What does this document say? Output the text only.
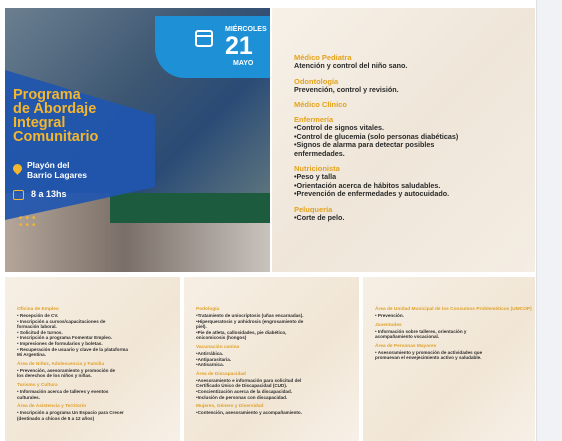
MIÉRCOLES
21
MAYO
Programa
de Abordaje
Integral
Comunitario
Playón del
Barrio Lagares
8 a 13hs
••• •••
Médico Pediatra

Atención y control del niño sano.

Odontología

Prevención, control y revisión.

Médico Clínico
Enfermería

•Control de signos vitales.

•Control de glucemia (solo personas diabéticas)

•Signos de alarma para detectar posibles

enfermedades.

Nutricionista

•Peso y talla

•Orientación acerca de hábitos saludables.

•Prevención de enfermedades y autocuidado.

Peluquería

•Corte de pelo.

Oficina de Empleo

• Recepción de CV.

• Inscripción a cursos/capacitaciones de

formación laboral.

• Solicitud de turnos.

• Inscripción a programa Fomentar Empleo.

• Impresiones de formularios y boletas.

• Recuperación de usuario y clave de la plataforma

Mi Argentina.

Área de Niñez, Adolescencia y Familia

• Prevención, asesoramiento y promoción de

los derechos de los niños y niñas.

Turismo y Cultura

• Información acerca de talleres y eventos

culturales.

Área de Asistencia y Territorio

• Inscripción a programa Un Espacio para Crecer

(destinado a chicos de 5 a 12 años)

Podología

•Tratamiento de uniocriptosis (uñas encarnadas).

•Hiperqueratosis y anhidrosis (engrosamiento de

piel).

•Pie de atleta, callosidades, pie diabético,

onicomicosis (hongos)

Vacunación canina

•Antirrábica.

•Antiparasitaria.

•Antisarnica.

Área de Discapacidad

•Asesoramiento e información para solicitud del

Certificado Único de Discapacidad (CUD).

•Concientización acerca de la discapacidad.

•Inclusión de personas con discapacidad.

Mujeres, Género y Diversidad

•Contención, asesoramiento y acompañamiento.

Área de Unidad Municipal de los Consumos Problemáticos (UMCOP)

• Prevención.

Juventudes

• Información sobre talleres, orientación y

acompañamiento vocacional.

Área de Personas Mayores

• Asesoramiento y promoción de actividades que

promuevan el envejecimiento activo y saludable.
